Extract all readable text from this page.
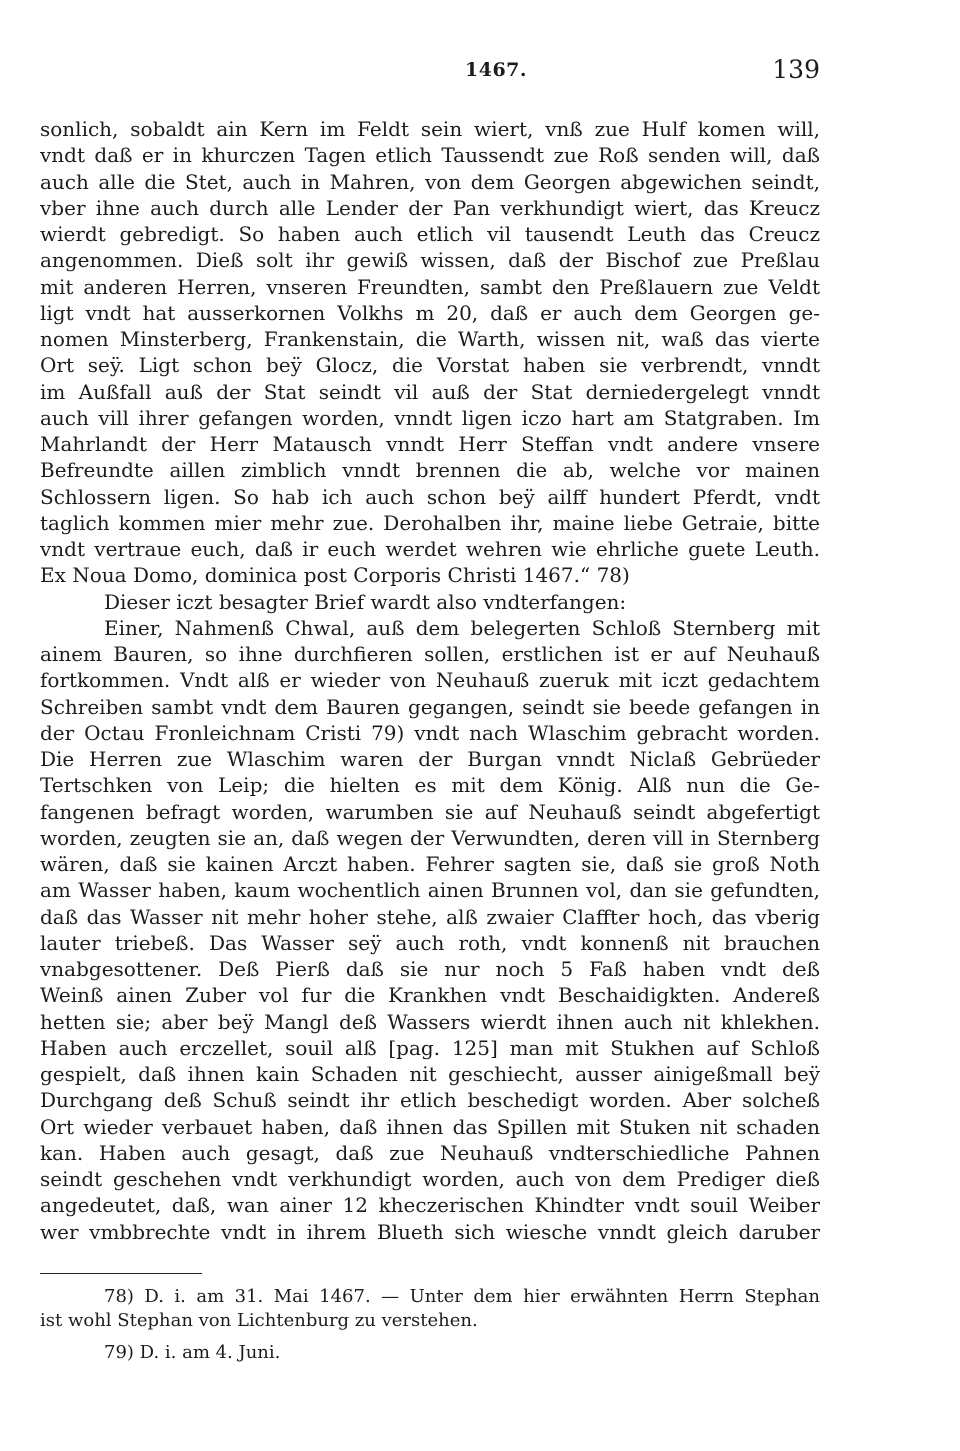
1467.	139
sonlich, sobaldt ain Kern im Feldt sein wiert, vnß zue Hulf komen will,
vndt daß er in khurczen Tagen etlich Taussendt zue Roß senden will, daß
auch alle die Stet, auch in Mahren, von dem Georgen abgewichen seindt,
vber ihne auch durch alle Lender der Pan verkhundigt wiert, das Kreucz
wierdt gebredigt. So haben auch etlich vil tausendt Leuth das Creucz
angenommen. Dieß solt ihr gewiß wissen, daß der Bischof zue Preßlau
mit anderen Herren, vnseren Freundten, sambt den Preßlauern zue Veldt
ligt vndt hat ausserkornen Volkhs m 20, daß er auch dem Georgen ge-
nomen Minsterberg, Frankenstain, die Warth, wissen nit, waß das vierte
Ort seÿ. Ligt schon beÿ Glocz, die Vorstat haben sie verbrendt, vnndt
im Außfall auß der Stat seindt vil auß der Stat derniedergelegt vnndt
auch vill ihrer gefangen worden, vnndt ligen iczo hart am Statgraben. Im
Mahrlandt der Herr Matausch vnndt Herr Steffan vndt andere vnsere
Befreundte aillen zimblich vnndt brennen die ab, welche vor mainen
Schlossern ligen. So hab ich auch schon beÿ ailff hundert Pferdt, vndt
taglich kommen mier mehr zue. Derohalben ihr, maine liebe Getraie, bitte
vndt vertraue euch, daß ir euch werdet wehren wie ehrliche guete Leuth.
Ex Noua Domo, dominica post Corporis Christi 1467.“ 78)
Dieser iczt besagter Brief wardt also vndterfangen:
Einer, Nahmenß Chwal, auß dem belegerten Schloß Sternberg mit
ainem Bauren, so ihne durchfieren sollen, erstlichen ist er auf Neuhauß
fortkommen. Vndt alß er wieder von Neuhauß zueruk mit iczt gedachtem
Schreiben sambt vndt dem Bauren gegangen, seindt sie beede gefangen in
der Octau Fronleichnam Cristi 79) vndt nach Wlaschim gebracht worden.
Die Herren zue Wlaschim waren der Burgan vnndt Niclaß Gebrüeder
Tertschken von Leip; die hielten es mit dem König. Alß nun die Ge-
fangenen befragt worden, warumben sie auf Neuhauß seindt abgefertigt
worden, zeugten sie an, daß wegen der Verwundten, deren vill in Sternberg
wären, daß sie kainen Arczt haben. Fehrer sagten sie, daß sie groß Noth
am Wasser haben, kaum wochentlich ainen Brunnen vol, dan sie gefundten,
daß das Wasser nit mehr hoher stehe, alß zwaier Claffter hoch, das vberig
lauter triebeß. Das Wasser seÿ auch roth, vndt konnenß nit brauchen
vnabgesottener. Deß Pierß daß sie nur noch 5 Faß haben vndt deß
Weinß ainen Zuber vol fur die Krankhen vndt Beschaidigkten. Andereß
hetten sie; aber beÿ Mangl deß Wassers wierdt ihnen auch nit khlekhen.
Haben auch erczellet, souil alß [pag. 125] man mit Stukhen auf Schloß
gespielt, daß ihnen kain Schaden nit geschiecht, ausser ainigeßmall beÿ
Durchgang deß Schuß seindt ihr etlich beschedigt worden. Aber solcheß
Ort wieder verbauet haben, daß ihnen das Spillen mit Stuken nit schaden
kan. Haben auch gesagt, daß zue Neuhauß vndterschiedliche Pahnen
seindt geschehen vndt verkhundigt worden, auch von dem Prediger dieß
angedeutet, daß, wan ainer 12 kheczerischen Khindter vndt souil Weiber
wer vmbbrechte vndt in ihrem Blueth sich wiesche vnndt gleich daruber
78) D. i. am 31. Mai 1467. — Unter dem hier erwähnten Herrn Stephan
ist wohl Stephan von Lichtenburg zu verstehen.
79) D. i. am 4. Juni.
